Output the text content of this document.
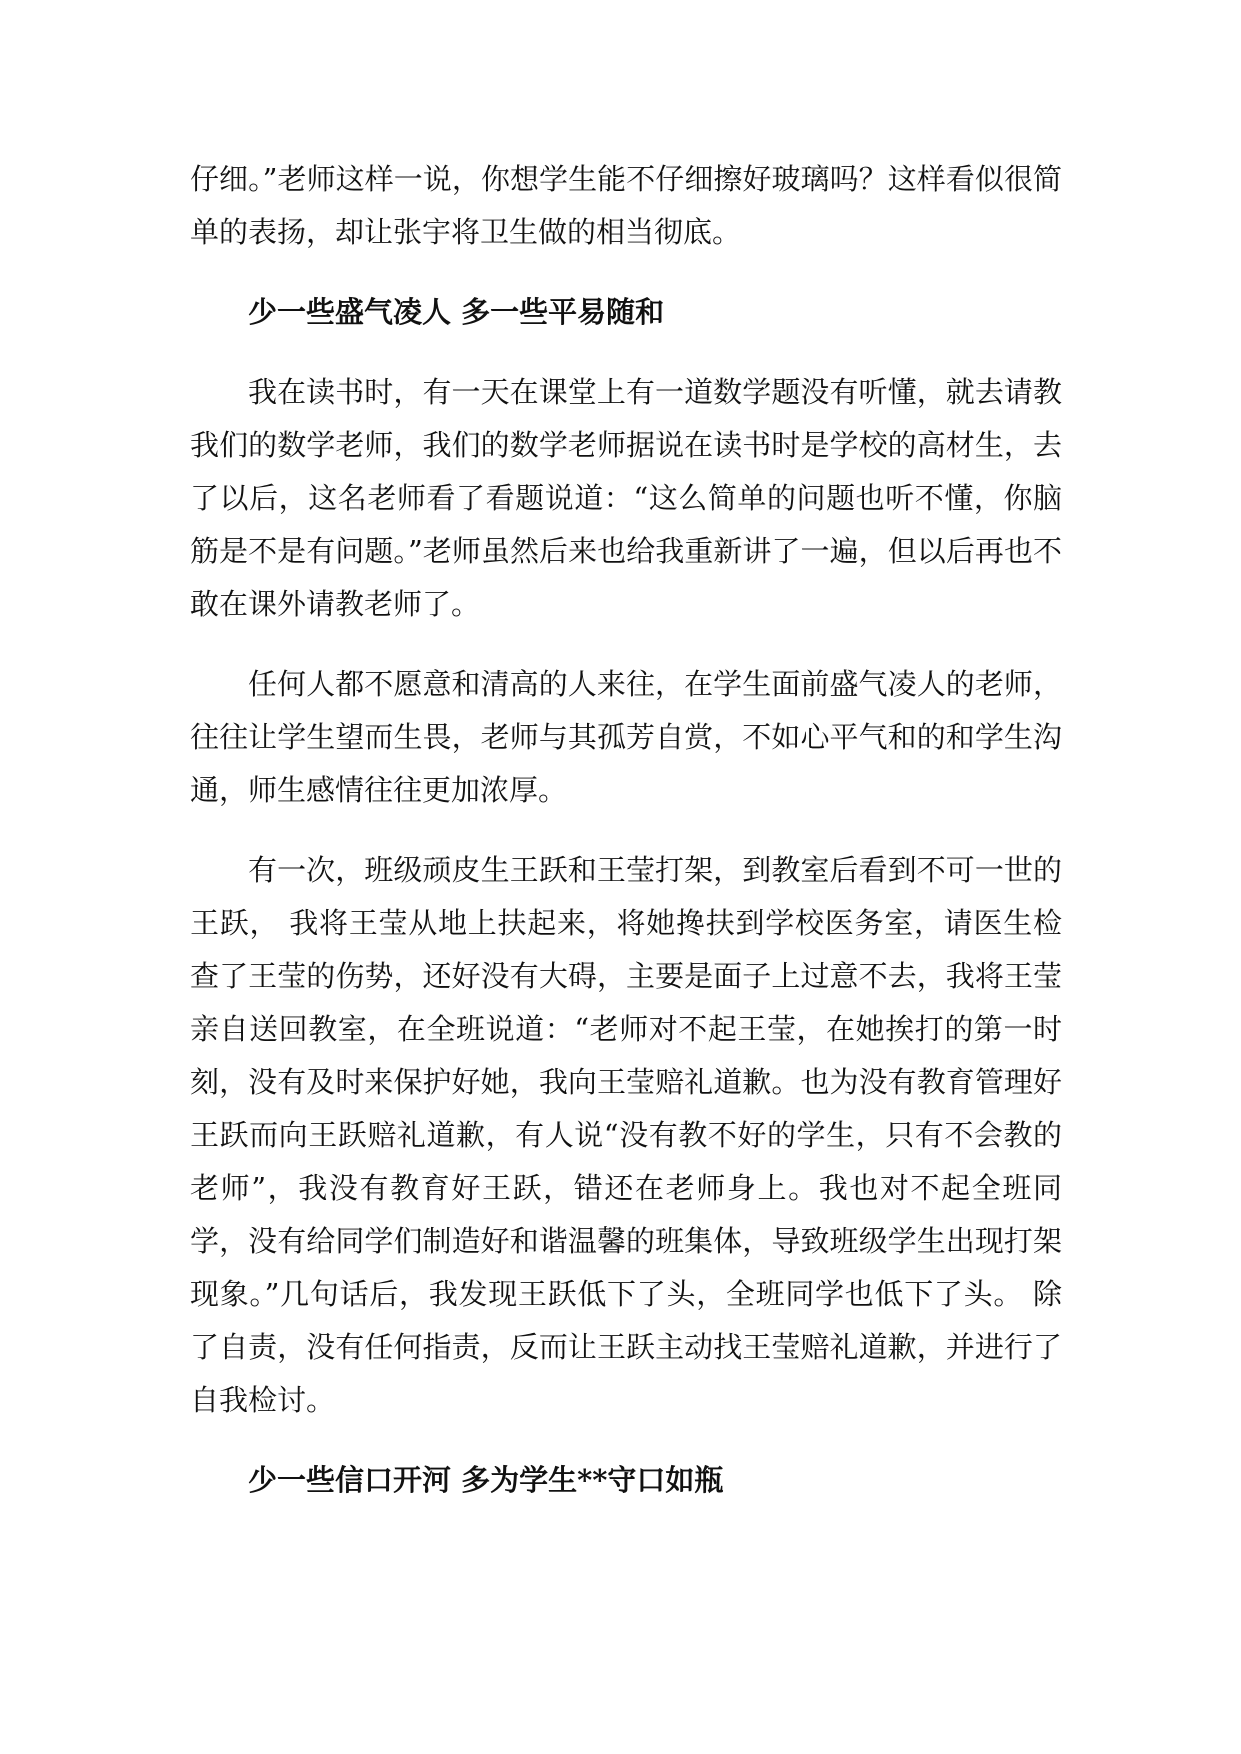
仔细。”老师这样一说，你想学生能不仔细擦好玻璃吗？这样看似很简单的表扬，却让张宇将卫生做的相当彻底。

少一些盛气凌人 多一些平易随和

我在读书时，有一天在课堂上有一道数学题没有听懂，就去请教我们的数学老师，我们的数学老师据说在读书时是学校的高材生，去了以后，这名老师看了看题说道：“这么简单的问题也听不懂，你脑筋是不是有问题。”老师虽然后来也给我重新讲了一遍，但以后再也不敢在课外请教老师了。

任何人都不愿意和清高的人来往，在学生面前盛气凌人的老师，往往让学生望而生畏，老师与其孤芳自赏，不如心平气和的和学生沟通，师生感情往往更加浓厚。

有一次，班级顽皮生王跃和王莹打架，到教室后看到不可一世的王跃， 我将王莹从地上扶起来，将她搀扶到学校医务室，请医生检查了王莹的伤势，还好没有大碍，主要是面子上过意不去，我将王莹亲自送回教室，在全班说道：“老师对不起王莹，在她挨打的第一时刻，没有及时来保护好她，我向王莹赔礼道歉。也为没有教育管理好王跃而向王跃赔礼道歉，有人说“没有教不好的学生，只有不会教的老师”，我没有教育好王跃，错还在老师身上。我也对不起全班同学，没有给同学们制造好和谐温馨的班集体，导致班级学生出现打架现象。”几句话后，我发现王跃低下了头，全班同学也低下了头。 除了自责，没有任何指责，反而让王跃主动找王莹赔礼道歉，并进行了自我检讨。

少一些信口开河 多为学生**守口如瓶
